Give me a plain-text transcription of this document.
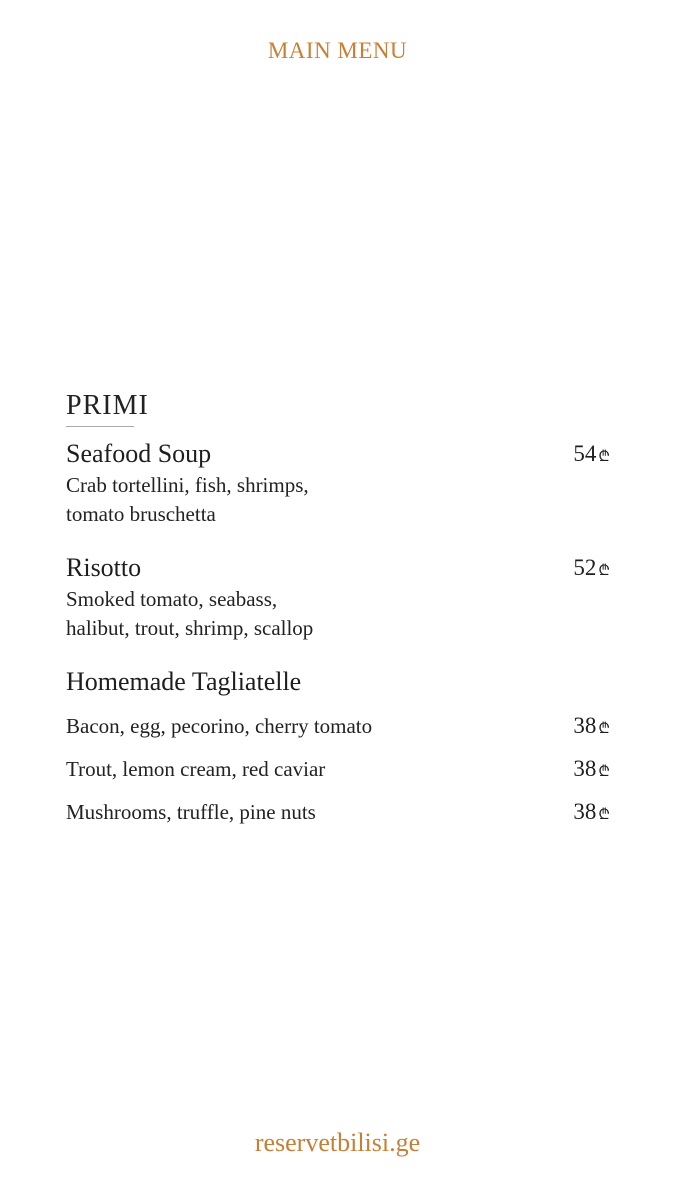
MAIN MENU
PRIMI
Seafood Soup
Crab tortellini, fish, shrimps,
tomato bruschetta
54 ₾
Risotto
Smoked tomato, seabass,
halibut, trout, shrimp, scallop
52 ₾
Homemade Tagliatelle
Bacon, egg, pecorino, cherry tomato	38 ₾
Trout, lemon cream, red caviar	38 ₾
Mushrooms, truffle, pine nuts	38 ₾
reservetbilisi.ge
